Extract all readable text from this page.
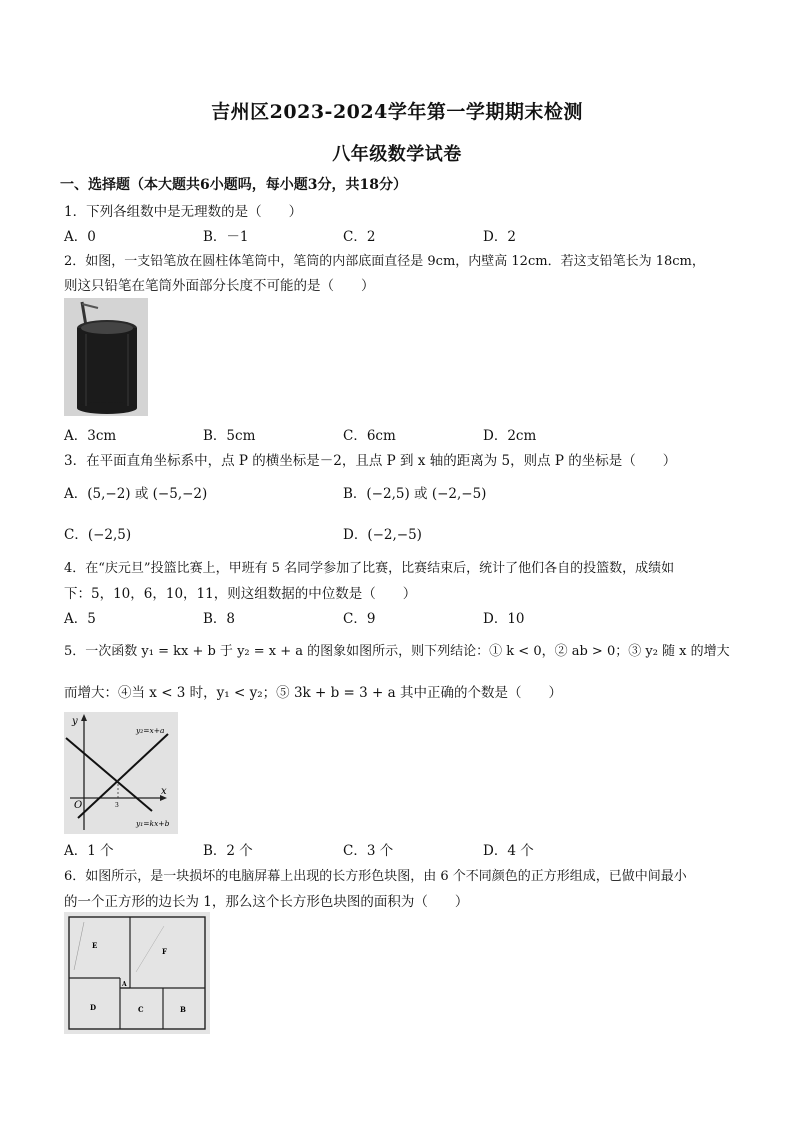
吉州区2023-2024学年第一学期期末检测
八年级数学试卷
一、选择题（本大题共6小题吗，每小题3分，共18分）
1．下列各组数中是无理数的是（　　）
A．0	B．－1	C．2	D．2
2．如图，一支铅笔放在圆柱体笔筒中，笔筒的内部底面直径是 9cm，内壁高 12cm．若这支铅笔长为 18cm，
则这只铅笔在笔筒外面部分长度不可能的是（　　）
A．3cm	B．5cm	C．6cm	D．2cm
3．在平面直角坐标系中，点 P 的横坐标是－2，且点 P 到 x 轴的距离为 5，则点 P 的坐标是（　　）
A．(5,−2) 或 (−5,−2)	B．(−2,5) 或 (−2,−5)
C．(−2,5)	D．(−2,−5)
4．在“庆元旦”投篮比赛上，甲班有 5 名同学参加了比赛，比赛结束后，统计了他们各自的投篮数，成绩如
下：5，10，6，10，11，则这组数据的中位数是（　　）
A．5	B．8	C．9	D．10
5．一次函数 y₁ = kx + b 于 y₂ = x + a 的图象如图所示，则下列结论：① k < 0，② ab > 0；③ y₂ 随 x 的增大
而增大：④当 x < 3 时，y₁ < y₂；⑤ 3k + b = 3 + a 其中正确的个数是（　　）
y
x
O	3
y₂=x+a
y₁=kx+b
A．1 个	B．2 个	C．3 个	D．4 个
6．如图所示，是一块损坏的电脑屏幕上出现的长方形色块图，由 6 个不同颜色的正方形组成，已做中间最小
的一个正方形的边长为 1，那么这个长方形色块图的面积为（　　）
E
F
A
D	C	B
